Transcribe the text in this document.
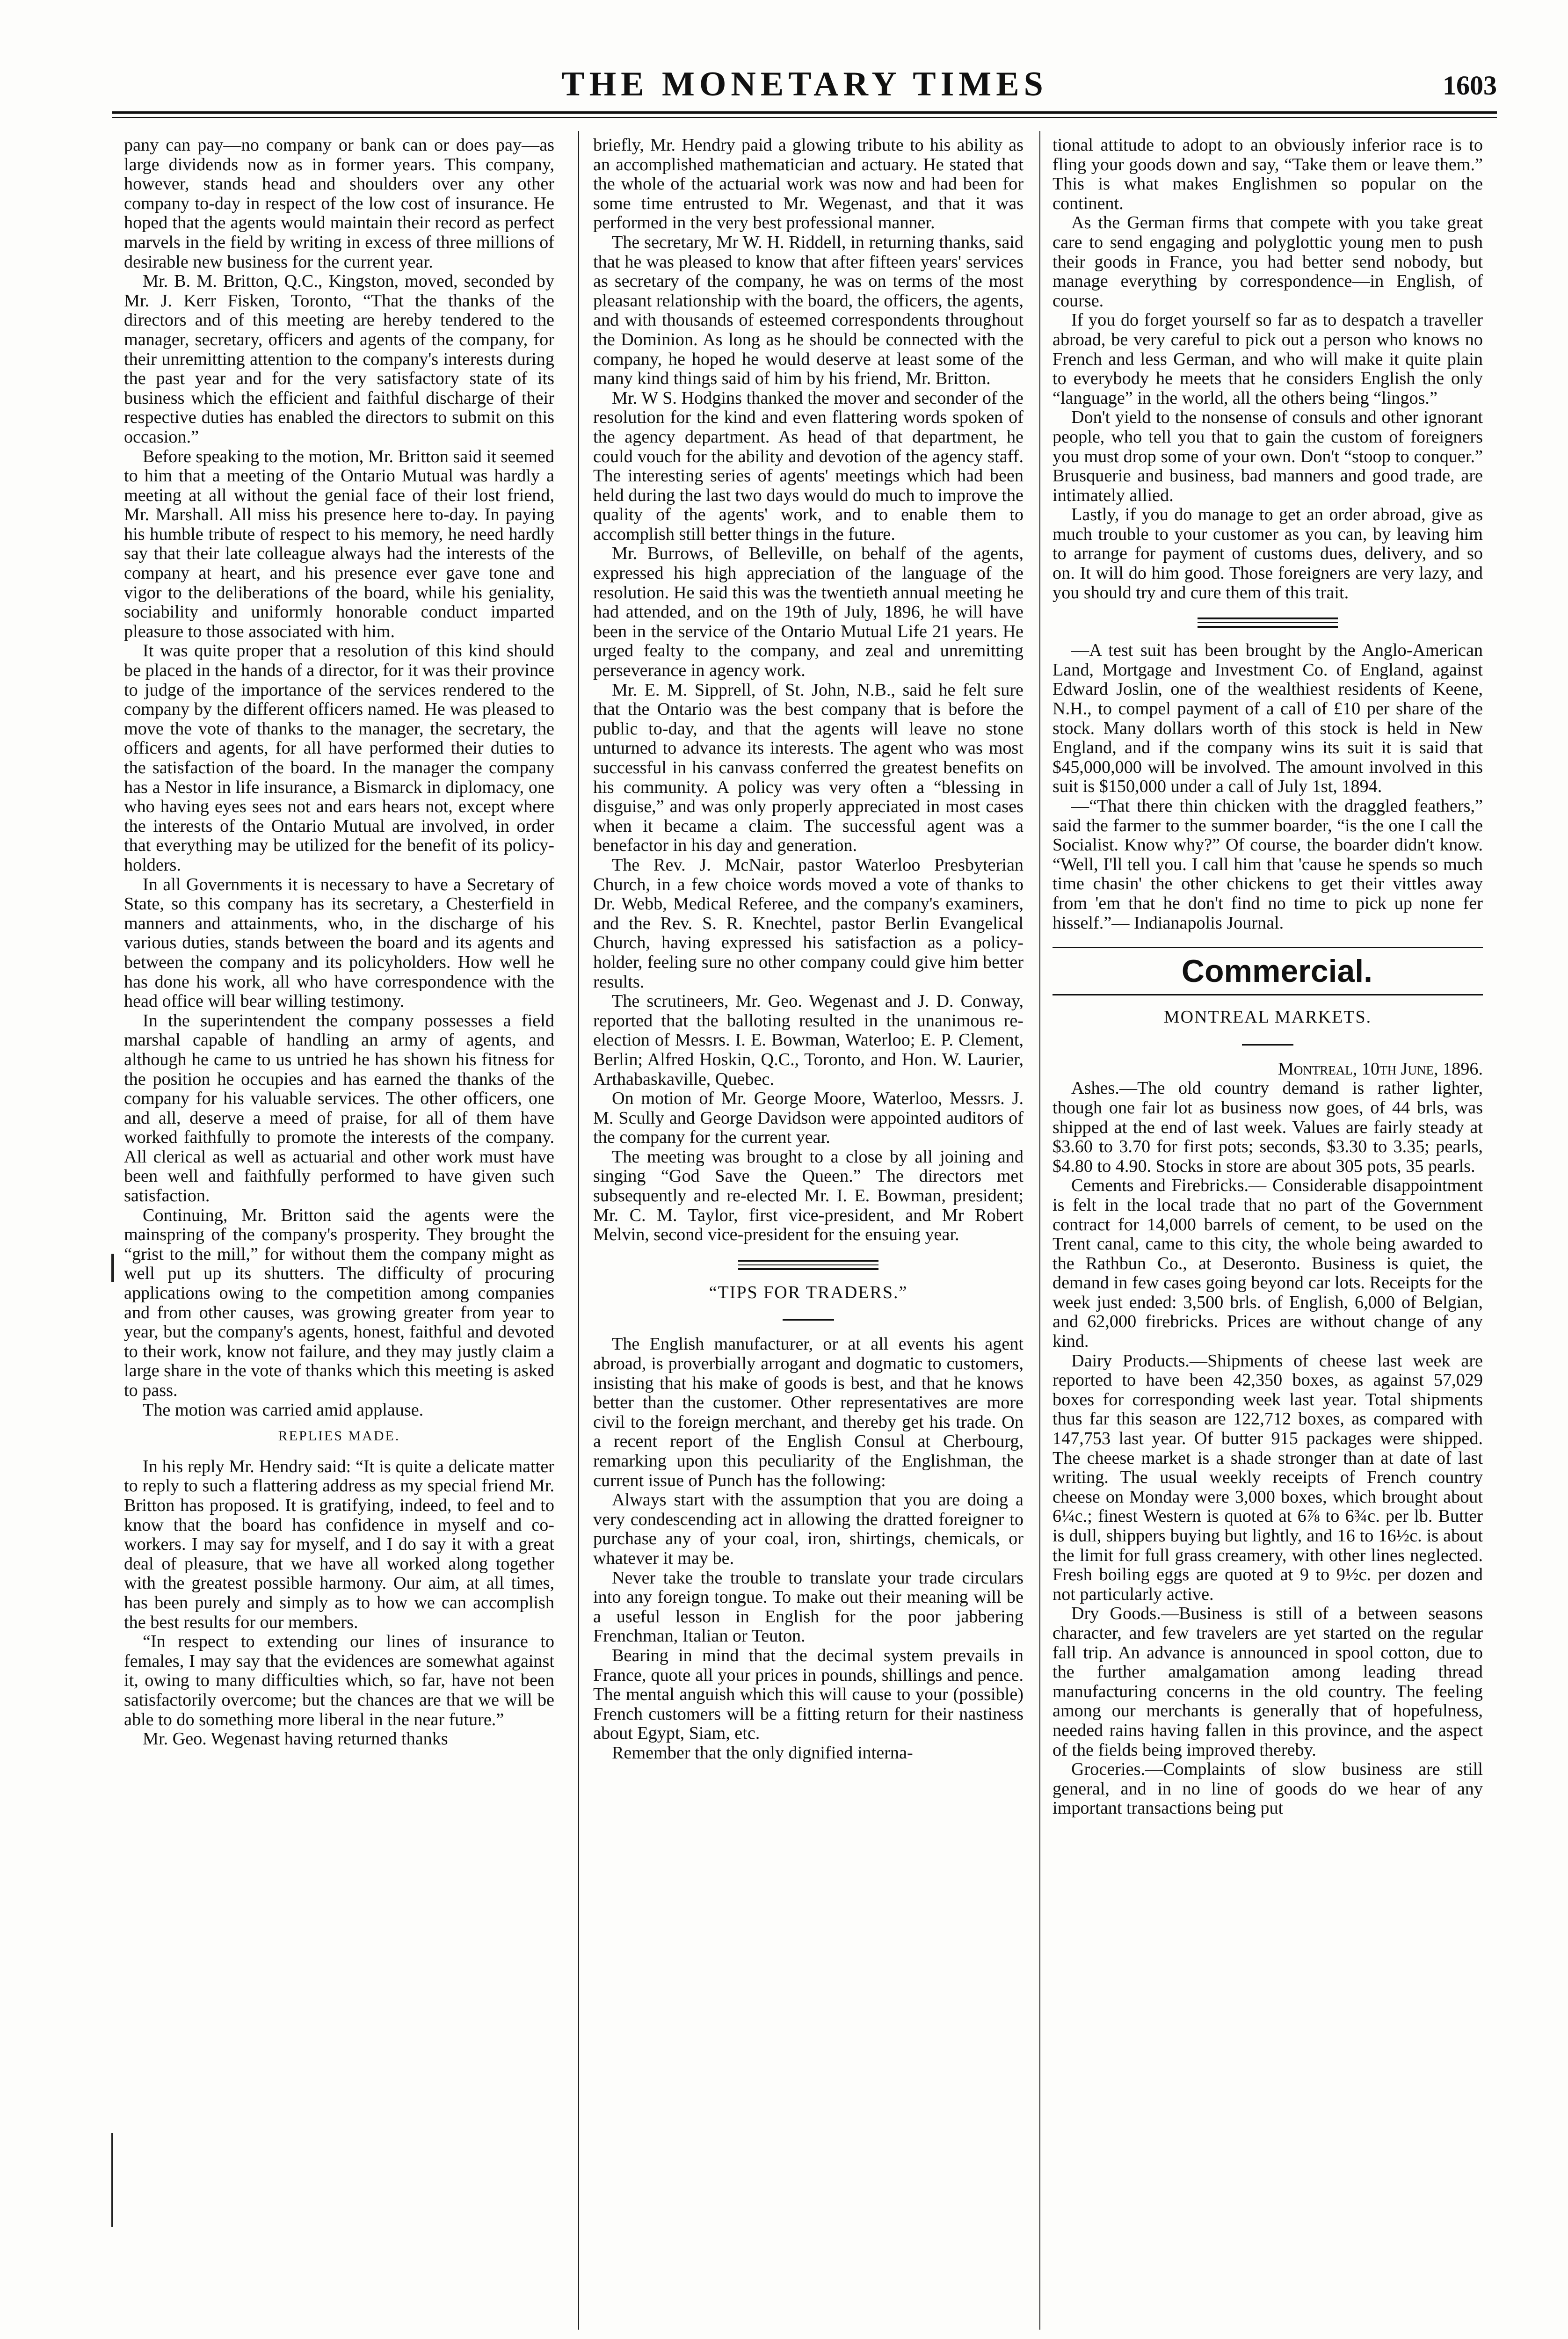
THE MONETARY TIMES	1603

pany can pay—no company or bank can or does pay—as large dividends now as in former years. This company, however, stands head and shoulders over any other company to-day in respect of the low cost of insurance. He hoped that the agents would maintain their record as perfect marvels in the field by writing in excess of three millions of desirable new business for the current year.

Mr. B. M. Britton, Q.C., Kingston, moved, seconded by Mr. J. Kerr Fisken, Toronto, “That the thanks of the directors and of this meeting are hereby tendered to the manager, secretary, officers and agents of the company, for their unremitting attention to the company's interests during the past year and for the very satisfactory state of its business which the efficient and faithful discharge of their respective duties has enabled the directors to submit on this occasion.”

Before speaking to the motion, Mr. Britton said it seemed to him that a meeting of the Ontario Mutual was hardly a meeting at all without the genial face of their lost friend, Mr. Marshall. All miss his presence here to-day. In paying his humble tribute of respect to his memory, he need hardly say that their late colleague always had the interests of the company at heart, and his presence ever gave tone and vigor to the deliberations of the board, while his geniality, sociability and uniformly honorable conduct imparted pleasure to those associated with him.

It was quite proper that a resolution of this kind should be placed in the hands of a director, for it was their province to judge of the importance of the services rendered to the company by the different officers named. He was pleased to move the vote of thanks to the manager, the secretary, the officers and agents, for all have performed their duties to the satisfaction of the board. In the manager the company has a Nestor in life insurance, a Bismarck in diplomacy, one who having eyes sees not and ears hears not, except where the interests of the Ontario Mutual are involved, in order that everything may be utilized for the benefit of its policy-holders.

In all Governments it is necessary to have a Secretary of State, so this company has its secretary, a Chesterfield in manners and attainments, who, in the discharge of his various duties, stands between the board and its agents and between the company and its policyholders. How well he has done his work, all who have correspondence with the head office will bear willing testimony.

In the superintendent the company possesses a field marshal capable of handling an army of agents, and although he came to us untried he has shown his fitness for the position he occupies and has earned the thanks of the company for his valuable services. The other officers, one and all, deserve a meed of praise, for all of them have worked faithfully to promote the interests of the company. All clerical as well as actuarial and other work must have been well and faithfully performed to have given such satisfaction.

Continuing, Mr. Britton said the agents were the mainspring of the company's prosperity. They brought the “grist to the mill,” for without them the company might as well put up its shutters. The difficulty of procuring applications owing to the competition among companies and from other causes, was growing greater from year to year, but the company's agents, honest, faithful and devoted to their work, know not failure, and they may justly claim a large share in the vote of thanks which this meeting is asked to pass.

The motion was carried amid applause.

REPLIES MADE.

In his reply Mr. Hendry said: “It is quite a delicate matter to reply to such a flattering address as my special friend Mr. Britton has proposed. It is gratifying, indeed, to feel and to know that the board has confidence in myself and co-workers. I may say for myself, and I do say it with a great deal of pleasure, that we have all worked along together with the greatest possible harmony. Our aim, at all times, has been purely and simply as to how we can accomplish the best results for our members.

“In respect to extending our lines of insurance to females, I may say that the evidences are somewhat against it, owing to many difficulties which, so far, have not been satisfactorily overcome; but the chances are that we will be able to do something more liberal in the near future.”

Mr. Geo. Wegenast having returned thanks

briefly, Mr. Hendry paid a glowing tribute to his ability as an accomplished mathematician and actuary. He stated that the whole of the actuarial work was now and had been for some time entrusted to Mr. Wegenast, and that it was performed in the very best professional manner.

The secretary, Mr W. H. Riddell, in returning thanks, said that he was pleased to know that after fifteen years' services as secretary of the company, he was on terms of the most pleasant relationship with the board, the officers, the agents, and with thousands of esteemed correspondents throughout the Dominion. As long as he should be connected with the company, he hoped he would deserve at least some of the many kind things said of him by his friend, Mr. Britton.

Mr. W S. Hodgins thanked the mover and seconder of the resolution for the kind and even flattering words spoken of the agency department. As head of that department, he could vouch for the ability and devotion of the agency staff. The interesting series of agents' meetings which had been held during the last two days would do much to improve the quality of the agents' work, and to enable them to accomplish still better things in the future.

Mr. Burrows, of Belleville, on behalf of the agents, expressed his high appreciation of the language of the resolution. He said this was the twentieth annual meeting he had attended, and on the 19th of July, 1896, he will have been in the service of the Ontario Mutual Life 21 years. He urged fealty to the company, and zeal and unremitting perseverance in agency work.

Mr. E. M. Sipprell, of St. John, N.B., said he felt sure that the Ontario was the best company that is before the public to-day, and that the agents will leave no stone unturned to advance its interests. The agent who was most successful in his canvass conferred the greatest benefits on his community. A policy was very often a “blessing in disguise,” and was only properly appreciated in most cases when it became a claim. The successful agent was a benefactor in his day and generation.

The Rev. J. McNair, pastor Waterloo Presbyterian Church, in a few choice words moved a vote of thanks to Dr. Webb, Medical Referee, and the company's examiners, and the Rev. S. R. Knechtel, pastor Berlin Evangelical Church, having expressed his satisfaction as a policy-holder, feeling sure no other company could give him better results.

The scrutineers, Mr. Geo. Wegenast and J. D. Conway, reported that the balloting resulted in the unanimous re-election of Messrs. I. E. Bowman, Waterloo; E. P. Clement, Berlin; Alfred Hoskin, Q.C., Toronto, and Hon. W. Laurier, Arthabaskaville, Quebec.

On motion of Mr. George Moore, Waterloo, Messrs. J. M. Scully and George Davidson were appointed auditors of the company for the current year.

The meeting was brought to a close by all joining and singing “God Save the Queen.” The directors met subsequently and re-elected Mr. I. E. Bowman, president; Mr. C. M. Taylor, first vice-president, and Mr Robert Melvin, second vice-president for the ensuing year.

“TIPS FOR TRADERS.”

The English manufacturer, or at all events his agent abroad, is proverbially arrogant and dogmatic to customers, insisting that his make of goods is best, and that he knows better than the customer. Other representatives are more civil to the foreign merchant, and thereby get his trade. On a recent report of the English Consul at Cherbourg, remarking upon this peculiarity of the Englishman, the current issue of Punch has the following:

Always start with the assumption that you are doing a very condescending act in allowing the dratted foreigner to purchase any of your coal, iron, shirtings, chemicals, or whatever it may be.

Never take the trouble to translate your trade circulars into any foreign tongue. To make out their meaning will be a useful lesson in English for the poor jabbering Frenchman, Italian or Teuton.

Bearing in mind that the decimal system prevails in France, quote all your prices in pounds, shillings and pence. The mental anguish which this will cause to your (possible) French customers will be a fitting return for their nastiness about Egypt, Siam, etc.

Remember that the only dignified interna-

tional attitude to adopt to an obviously inferior race is to fling your goods down and say, “Take them or leave them.” This is what makes Englishmen so popular on the continent.

As the German firms that compete with you take great care to send engaging and polyglottic young men to push their goods in France, you had better send nobody, but manage everything by correspondence—in English, of course.

If you do forget yourself so far as to despatch a traveller abroad, be very careful to pick out a person who knows no French and less German, and who will make it quite plain to everybody he meets that he considers English the only “language” in the world, all the others being “lingos.”

Don't yield to the nonsense of consuls and other ignorant people, who tell you that to gain the custom of foreigners you must drop some of your own. Don't “stoop to conquer.” Brusquerie and business, bad manners and good trade, are intimately allied.

Lastly, if you do manage to get an order abroad, give as much trouble to your customer as you can, by leaving him to arrange for payment of customs dues, delivery, and so on. It will do him good. Those foreigners are very lazy, and you should try and cure them of this trait.

—A test suit has been brought by the Anglo-American Land, Mortgage and Investment Co. of England, against Edward Joslin, one of the wealthiest residents of Keene, N.H., to compel payment of a call of £10 per share of the stock. Many dollars worth of this stock is held in New England, and if the company wins its suit it is said that $45,000,000 will be involved. The amount involved in this suit is $150,000 under a call of July 1st, 1894.

—“That there thin chicken with the draggled feathers,” said the farmer to the summer boarder, “is the one I call the Socialist. Know why?” Of course, the boarder didn't know. “Well, I'll tell you. I call him that 'cause he spends so much time chasin' the other chickens to get their vittles away from 'em that he don't find no time to pick up none fer hisself.”— Indianapolis Journal.

Commercial.

MONTREAL MARKETS.

Montreal, 10th June, 1896.

Ashes.—The old country demand is rather lighter, though one fair lot as business now goes, of 44 brls, was shipped at the end of last week. Values are fairly steady at $3.60 to 3.70 for first pots; seconds, $3.30 to 3.35; pearls, $4.80 to 4.90. Stocks in store are about 305 pots, 35 pearls.

Cements and Firebricks.— Considerable disappointment is felt in the local trade that no part of the Government contract for 14,000 barrels of cement, to be used on the Trent canal, came to this city, the whole being awarded to the Rathbun Co., at Deseronto. Business is quiet, the demand in few cases going beyond car lots. Receipts for the week just ended: 3,500 brls. of English, 6,000 of Belgian, and 62,000 firebricks. Prices are without change of any kind.

Dairy Products.—Shipments of cheese last week are reported to have been 42,350 boxes, as against 57,029 boxes for corresponding week last year. Total shipments thus far this season are 122,712 boxes, as compared with 147,753 last year. Of butter 915 packages were shipped. The cheese market is a shade stronger than at date of last writing. The usual weekly receipts of French country cheese on Monday were 3,000 boxes, which brought about 6¼c.; finest Western is quoted at 6⅞ to 6¾c. per lb. Butter is dull, shippers buying but lightly, and 16 to 16½c. is about the limit for full grass creamery, with other lines neglected. Fresh boiling eggs are quoted at 9 to 9½c. per dozen and not particularly active.

Dry Goods.—Business is still of a between seasons character, and few travelers are yet started on the regular fall trip. An advance is announced in spool cotton, due to the further amalgamation among leading thread manufacturing concerns in the old country. The feeling among our merchants is generally that of hopefulness, needed rains having fallen in this province, and the aspect of the fields being improved thereby.

Groceries.—Complaints of slow business are still general, and in no line of goods do we hear of any important transactions being put
